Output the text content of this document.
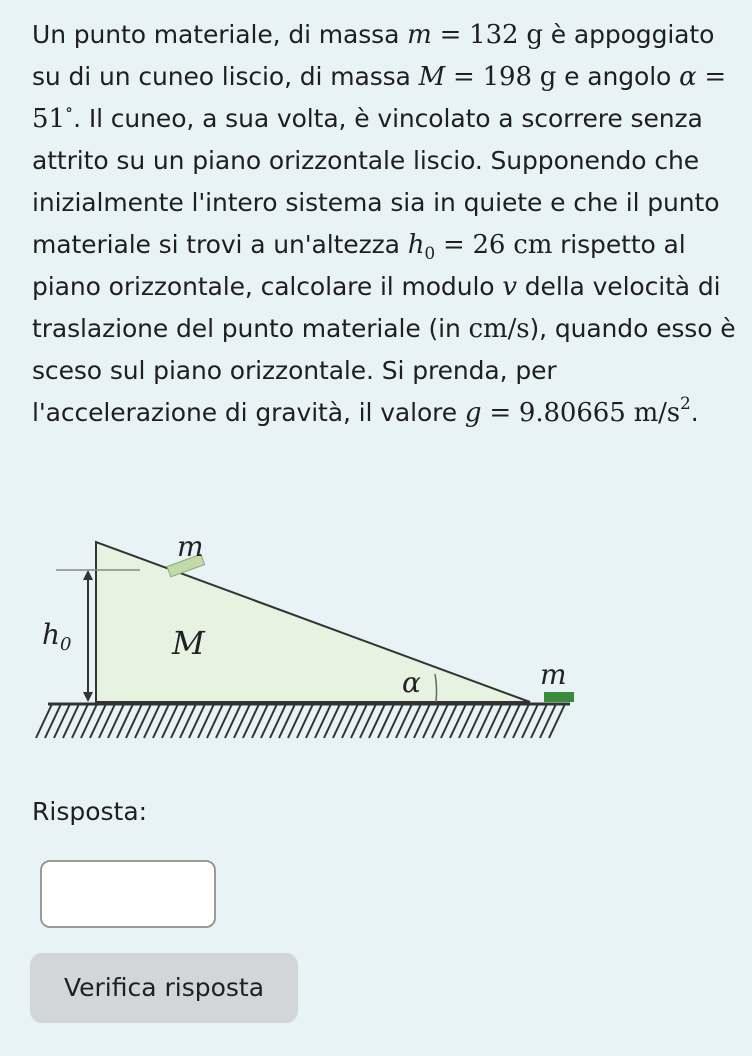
Un punto materiale, di massa m = 132 g è appoggiato su di un cuneo liscio, di massa M = 198 g e angolo α = 51∘. Il cuneo, a sua volta, è vincolato a scorrere senza attrito su un piano orizzontale liscio. Supponendo che inizialmente l'intero sistema sia in quiete e che il punto materiale si trovi a un'altezza $h_0 = 26$ cm rispetto al piano orizzontale, calcolare il modulo v della velocità di traslazione del punto materiale (in cm/s), quando esso è sceso sul piano orizzontale. Si prenda, per l'accelerazione di gravità, il valore g = 9.80665 $m/s^2$.

m
$h_0$	M
α	m
Risposta:
Verifica risposta
